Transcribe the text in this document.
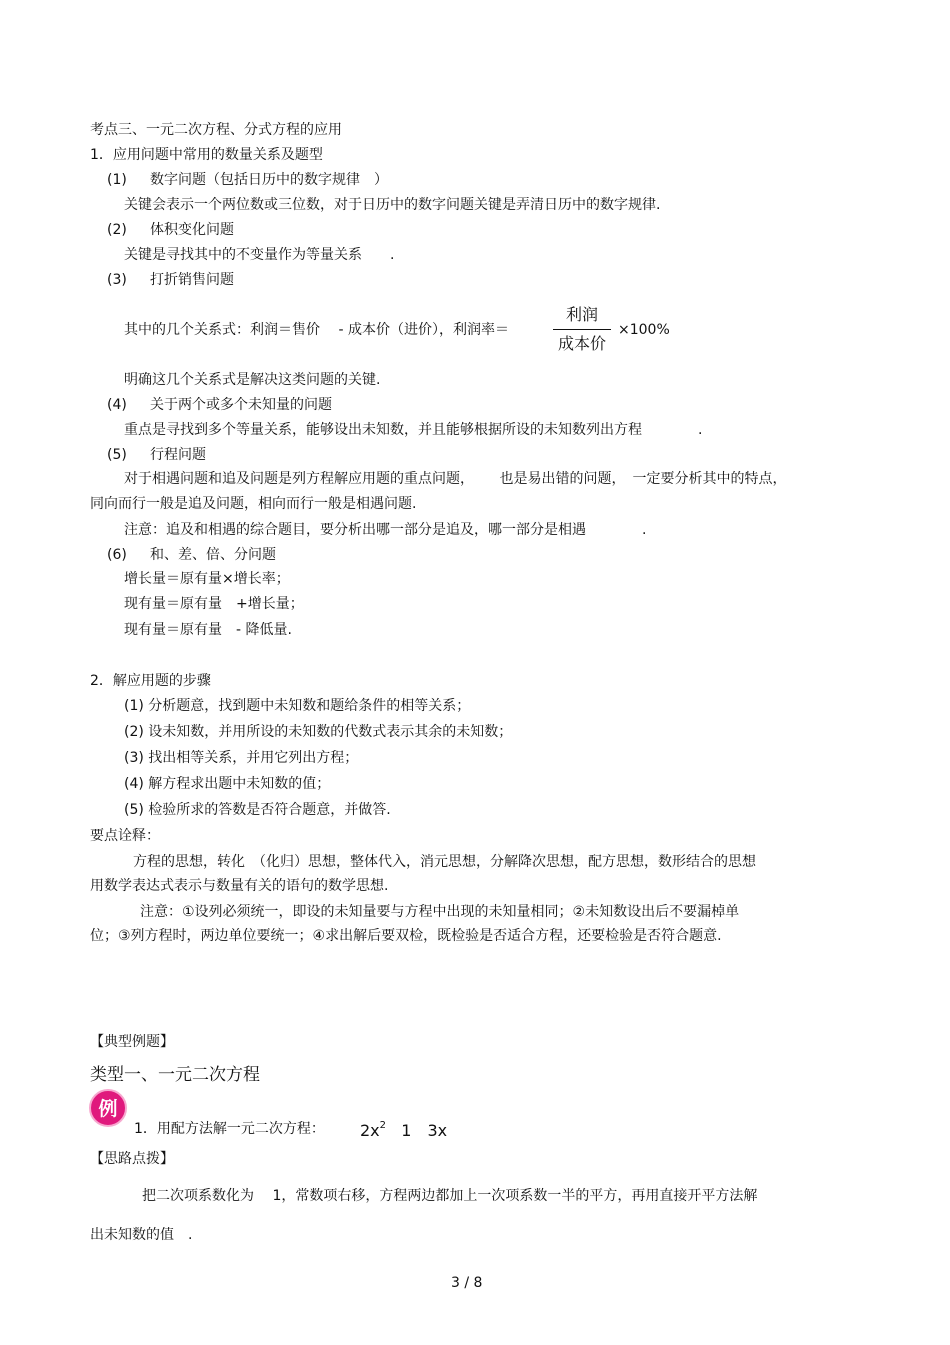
考点三、一元二次方程、分式方程的应用
1．应用问题中常用的数量关系及题型
(1) 数字问题（包括日历中的数字规律　）
关键会表示一个两位数或三位数，对于日历中的数字问题关键是弄清日历中的数字规律.
(2) 体积变化问题
关键是寻找其中的不变量作为等量关系　　.
(3) 打折销售问题
其中的几个关系式：利润＝售价　 - 成本价（进价），利润率＝
利润
成本价
×100%
明确这几个关系式是解决这类问题的关键.
(4) 关于两个或多个未知量的问题
重点是寻找到多个等量关系，能够设出未知数，并且能够根据所设的未知数列出方程　　　　.
(5) 行程问题
对于相遇问题和追及问题是列方程解应用题的重点问题，　　 也是易出错的问题，　一定要分析其中的特点，
同向而行一般是追及问题，相向而行一般是相遇问题.
注意：追及和相遇的综合题目，要分析出哪一部分是追及，哪一部分是相遇　　　　.
(6) 和、差、倍、分问题
增长量＝原有量×增长率；
现有量＝原有量　+增长量；
现有量＝原有量　- 降低量.
2．解应用题的步骤
(1) 分析题意，找到题中未知数和题给条件的相等关系；
(2) 设未知数，并用所设的未知数的代数式表示其余的未知数；
(3) 找出相等关系，并用它列出方程；
(4) 解方程求出题中未知数的值；
(5) 检验所求的答数是否符合题意，并做答.
要点诠释：
方程的思想，转化　（化归）思想，整体代入，消元思想，分解降次思想，配方思想，数形结合的思想
用数学表达式表示与数量有关的语句的数学思想.
注意：①设列必须统一，即设的未知量要与方程中出现的未知量相同；②未知数设出后不要漏棹单
位；③列方程时，两边单位要统一；④求出解后要双检，既检验是否适合方程，还要检验是否符合题意.
【典型例题】
类型一、一元二次方程
例
1．用配方法解一元二次方程： $2x^2$ 1　3x
【思路点拨】
把二次项系数化为　 1，常数项右移，方程两边都加上一次项系数一半的平方，再用直接开平方法解
出未知数的值　.
3 / 8
